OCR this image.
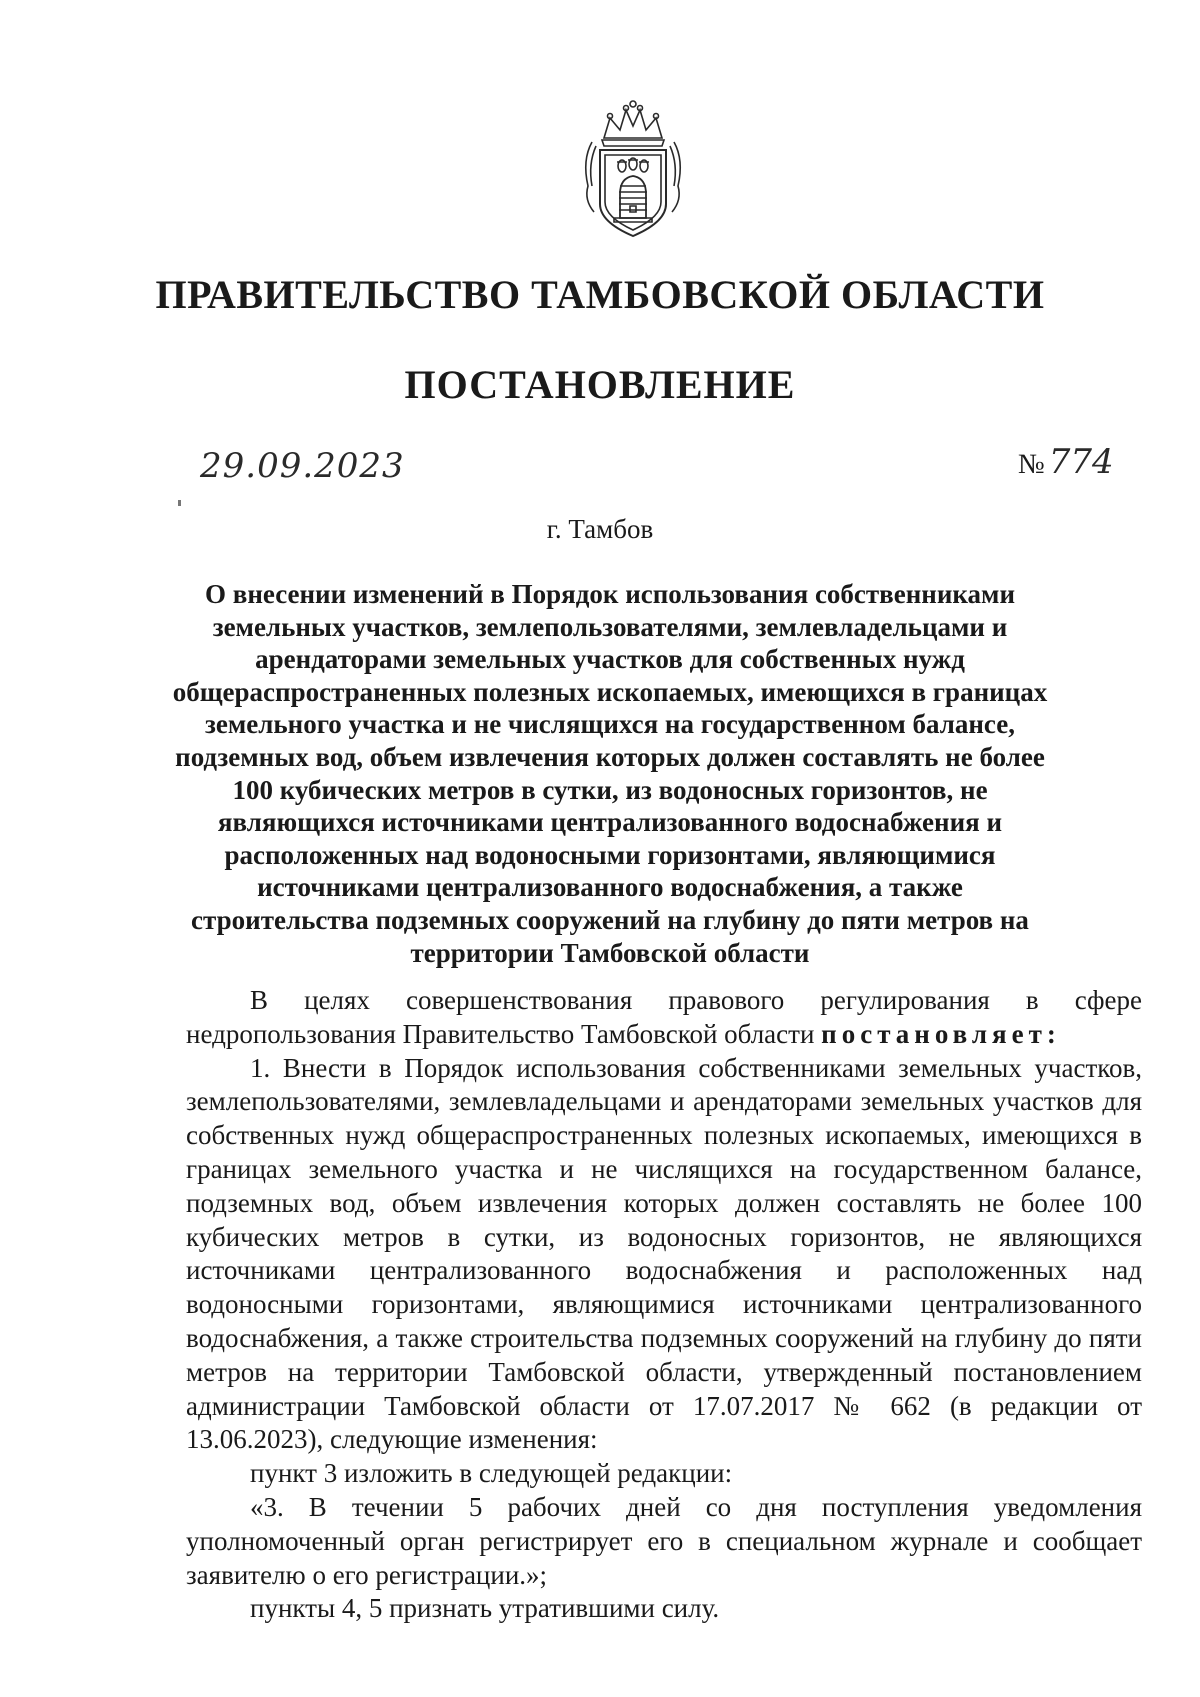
ПРАВИТЕЛЬСТВО ТАМБОВСКОЙ ОБЛАСТИ
ПОСТАНОВЛЕНИЕ
29.09.2023	№ 774
г. Тамбов

О внесении изменений в Порядок использования собственниками земельных участков, землепользователями, землевладельцами и арендаторами земельных участков для собственных нужд общераспространенных полезных ископаемых, имеющихся в границах земельного участка и не числящихся на государственном балансе, подземных вод, объем извлечения которых должен составлять не более 100 кубических метров в сутки, из водоносных горизонтов, не являющихся источниками централизованного водоснабжения и расположенных над водоносными горизонтами, являющимися источниками централизованного водоснабжения, а также строительства подземных сооружений на глубину до пяти метров на территории Тамбовской области

В целях совершенствования правового регулирования в сфере недропользования Правительство Тамбовской области постановляет:

1. Внести в Порядок использования собственниками земельных участков, землепользователями, землевладельцами и арендаторами земельных участков для собственных нужд общераспространенных полезных ископаемых, имеющихся в границах земельного участка и не числящихся на государственном балансе, подземных вод, объем извлечения которых должен составлять не более 100 кубических метров в сутки, из водоносных горизонтов, не являющихся источниками централизованного водоснабжения и расположенных над водоносными горизонтами, являющимися источниками централизованного водоснабжения, а также строительства подземных сооружений на глубину до пяти метров на территории Тамбовской области, утвержденный постановлением администрации Тамбовской области от 17.07.2017 № 662 (в редакции от 13.06.2023), следующие изменения:

пункт 3 изложить в следующей редакции:

«3. В течении 5 рабочих дней со дня поступления уведомления уполномоченный орган регистрирует его в специальном журнале и сообщает заявителю о его регистрации.»;

пункты 4, 5 признать утратившими силу.
